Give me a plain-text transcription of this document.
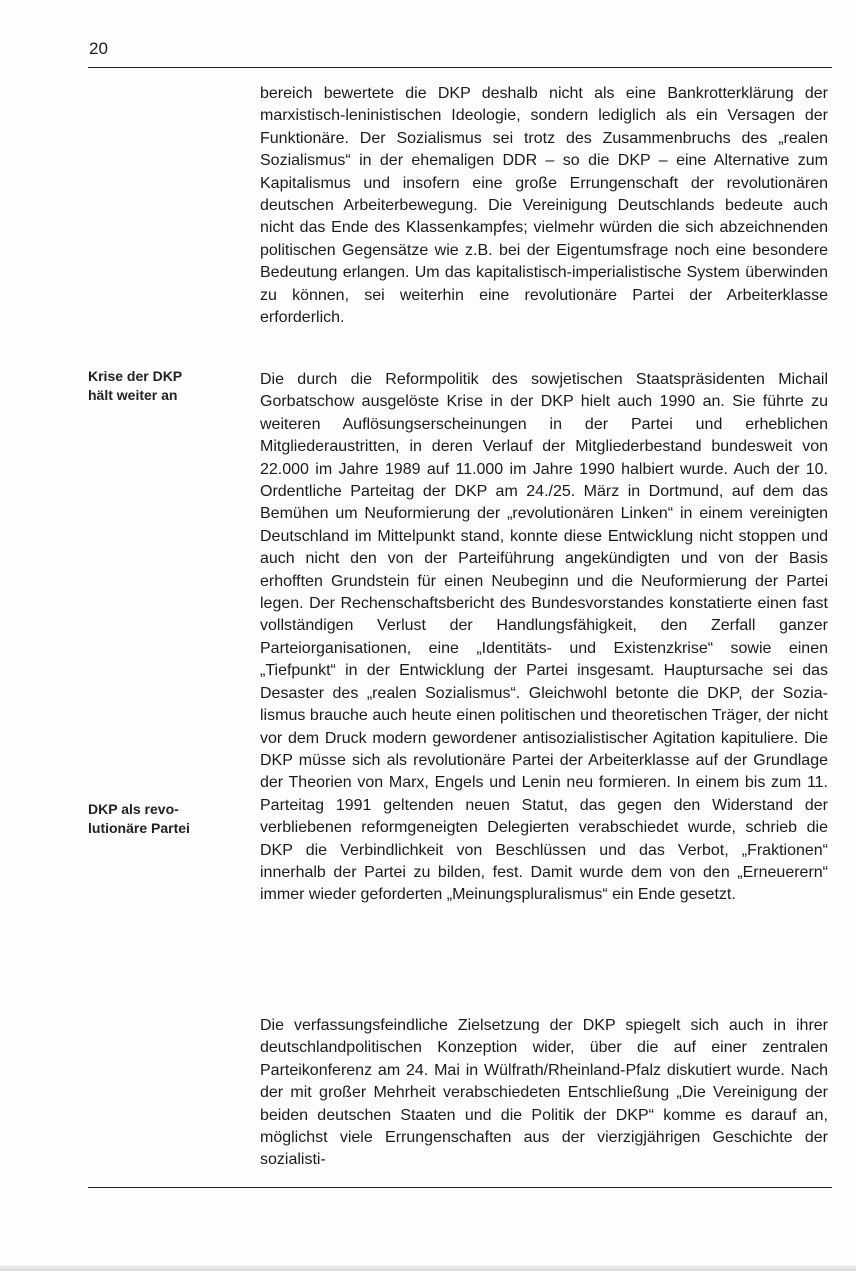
20
Krise der DKP
hält weiter an
DKP als revo-
lutionäre Partei

bereich bewertete die DKP deshalb nicht als eine Bankrotterklärung der marxistisch-leninistischen Ideologie, sondern lediglich als ein Versagen der Funktionäre. Der Sozialismus sei trotz des Zusammenbruchs des „realen Sozialismus“ in der ehemaligen DDR – so die DKP – eine Alternative zum Kapitalismus und insofern eine große Errungenschaft der revolutionären deutschen Arbeiterbewegung. Die Vereinigung Deutschlands bedeute auch nicht das Ende des Klassenkampfes; vielmehr würden die sich abzeichnenden politischen Gegensätze wie z.B. bei der Eigentumsfrage noch eine besondere Bedeutung erlangen. Um das kapitalistisch-imperialistische System überwinden zu können, sei weiterhin eine revolutionäre Partei der Arbeiterklasse erforderlich.

Die durch die Reformpolitik des sowjetischen Staatspräsidenten Michail Gorbatschow ausgelöste Krise in der DKP hielt auch 1990 an. Sie führte zu weiteren Auflösungserscheinungen in der Partei und erheblichen Mitgliederaustritten, in deren Verlauf der Mitgliederbestand bundesweit von 22.000 im Jahre 1989 auf 11.000 im Jahre 1990 halbiert wurde. Auch der 10. Ordentliche Parteitag der DKP am 24./25. März in Dortmund, auf dem das Bemühen um Neuformierung der „revolutionären Linken“ in einem vereinigten Deutschland im Mittelpunkt stand, konnte diese Entwicklung nicht stoppen und auch nicht den von der Parteiführung angekündigten und von der Basis erhofften Grundstein für einen Neubeginn und die Neuformierung der Partei legen. Der Rechenschaftsbericht des Bundesvorstandes konstatierte einen fast vollständigen Verlust der Handlungsfähigkeit, den Zerfall ganzer Parteiorganisationen, eine „Identitäts- und Existenzkrise“ sowie einen „Tiefpunkt“ in der Entwicklung der Partei insgesamt. Hauptursache sei das Desaster des „realen Sozialismus“. Gleichwohl betonte die DKP, der Sozialismus brauche auch heute einen politischen und theoretischen Träger, der nicht vor dem Druck modern gewordener antisozialistischer Agitation kapituliere. Die DKP müsse sich als revolutionäre Partei der Arbeiterklasse auf der Grundlage der Theorien von Marx, Engels und Lenin neu formieren. In einem bis zum 11. Parteitag 1991 geltenden neuen Statut, das gegen den Widerstand der verbliebenen reformgeneigten Delegierten verabschiedet wurde, schrieb die DKP die Verbindlichkeit von Beschlüssen und das Verbot, „Fraktionen“ innerhalb der Partei zu bilden, fest. Damit wurde dem von den „Erneuerern“ immer wieder geforderten „Meinungspluralismus“ ein Ende gesetzt.

Die verfassungsfeindliche Zielsetzung der DKP spiegelt sich auch in ihrer deutschlandpolitischen Konzeption wider, über die auf einer zentralen Parteikonferenz am 24. Mai in Wülfrath/Rheinland-Pfalz diskutiert wurde. Nach der mit großer Mehrheit verabschiedeten Entschließung „Die Vereinigung der beiden deutschen Staaten und die Politik der DKP“ komme es darauf an, möglichst viele Errungenschaften aus der vierzigjährigen Geschichte der sozialisti-
